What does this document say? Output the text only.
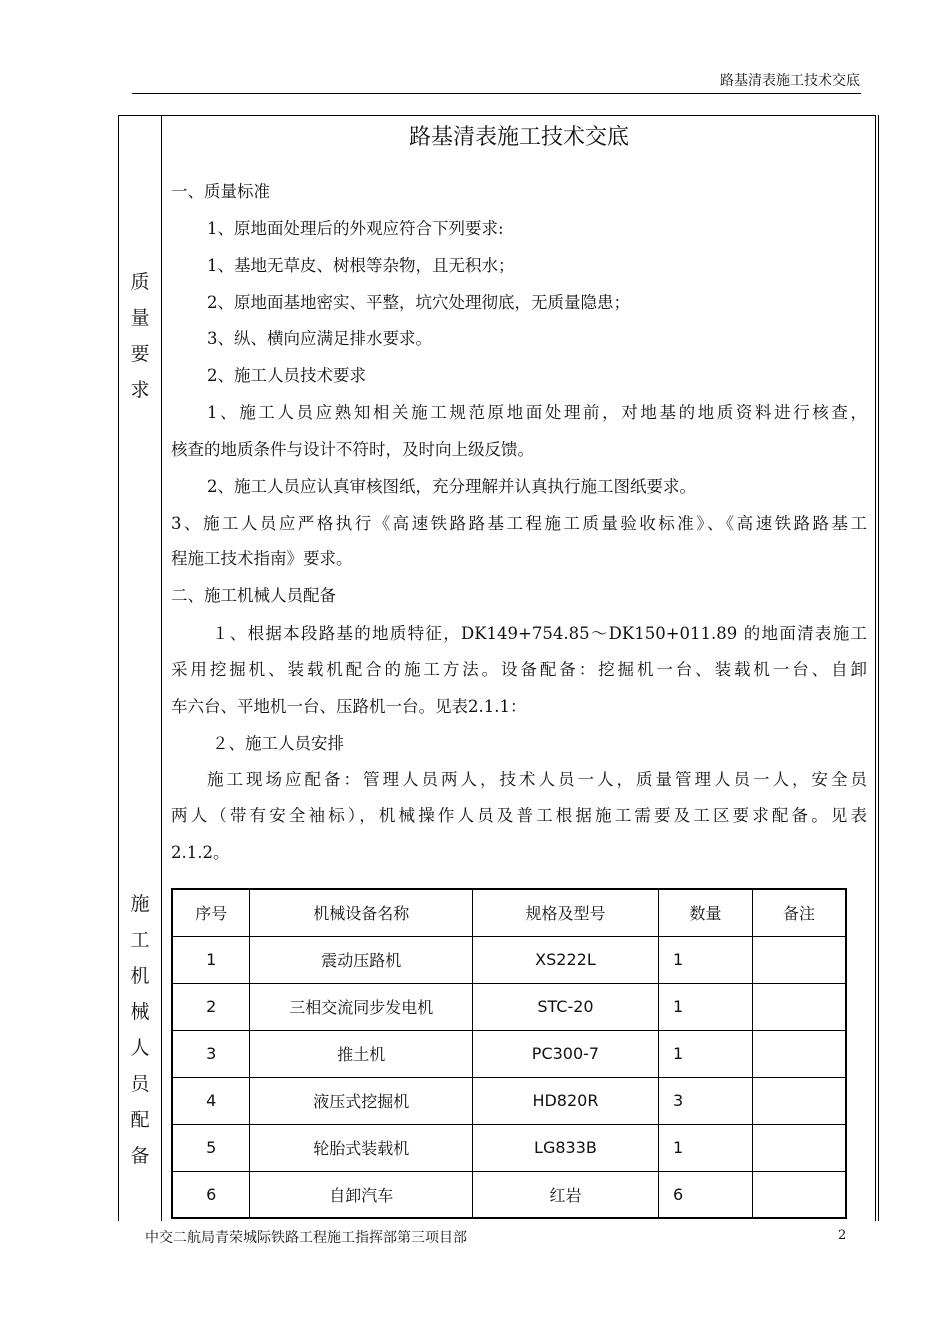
路基清表施工技术交底
质
量
要
求
施
工
机
械
人
员
配
备
路基清表施工技术交底
一、质量标准
1、原地面处理后的外观应符合下列要求:
1、基地无草皮、树根等杂物，且无积水；
2、原地面基地密实、平整，坑穴处理彻底，无质量隐患；
3、纵、横向应满足排水要求。
2、施工人员技术要求
1、施工人员应熟知相关施工规范原地面处理前，对地基的地质资料进行核查，
核查的地质条件与设计不符时，及时向上级反馈。
2、施工人员应认真审核图纸，充分理解并认真执行施工图纸要求。
3、施工人员应严格执行《高速铁路路基工程施工质量验收标准》、《高速铁路路基工
程施工技术指南》要求。
二、施工机械人员配备
１、根据本段路基的地质特征，DK149+754.85～DK150+011.89 的地面清表施工
采用挖掘机、装载机配合的施工方法。设备配备：挖掘机一台、装载机一台、自卸
车六台、平地机一台、压路机一台。见表2.1.1：
２、施工人员安排
施工现场应配备：管理人员两人，技术人员一人，质量管理人员一人，安全员
两人（带有安全袖标），机械操作人员及普工根据施工需要及工区要求配备。见表
2.1.2。
序号	机械设备名称	规格及型号	数量	备注
1	震动压路机	XS222L	1	
2	三相交流同步发电机	STC-20	1	
3	推土机	PC300-7	1	
4	液压式挖掘机	HD820R	3	
5	轮胎式装载机	LG833B	1	
6	自卸汽车	红岩	6	
中交二航局青荣城际铁路工程施工指挥部第三项目部	2
